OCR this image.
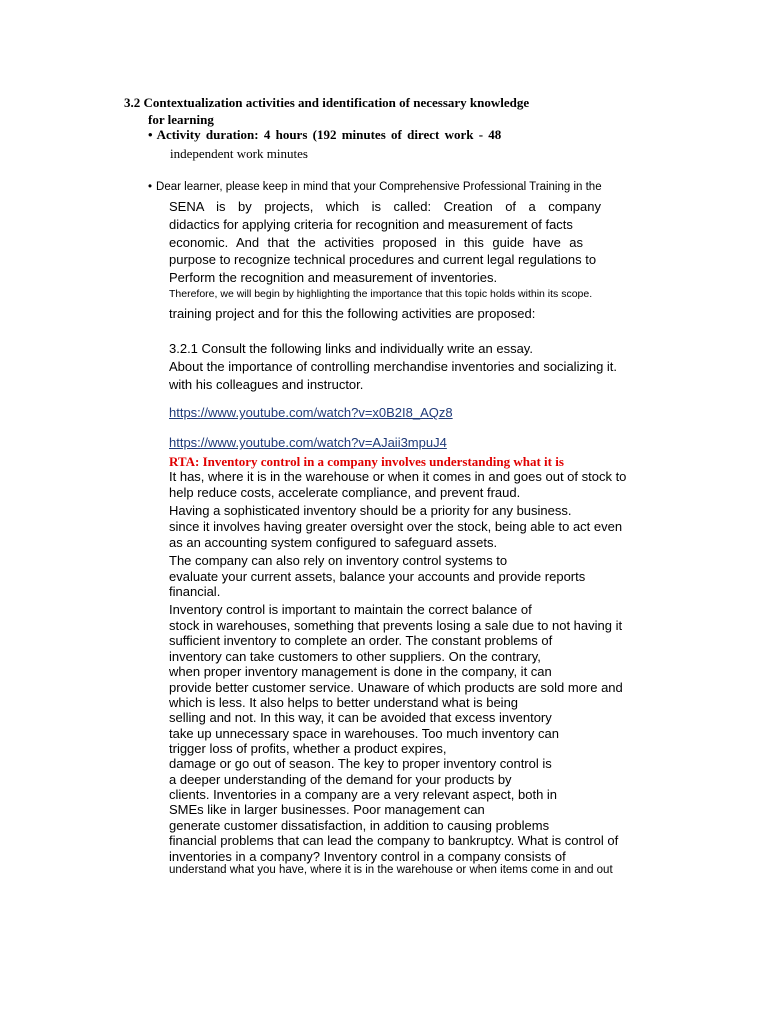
3.2 Contextualization activities and identification of necessary knowledge
for learning
• Activity duration: 4 hours (192 minutes of direct work - 48
independent work minutes
• Dear learner, please keep in mind that your Comprehensive Professional Training in the
SENA is by projects, which is called: Creation of a company
didactics for applying criteria for recognition and measurement of facts
economic. And that the activities proposed in this guide have as
purpose to recognize technical procedures and current legal regulations to
Perform the recognition and measurement of inventories.
Therefore, we will begin by highlighting the importance that this topic holds within its scope.
training project and for this the following activities are proposed:
3.2.1 Consult the following links and individually write an essay.
About the importance of controlling merchandise inventories and socializing it.
with his colleagues and instructor.
https://www.youtube.com/watch?v=x0B2I8_AQz8
https://www.youtube.com/watch?v=AJaii3mpuJ4
RTA: Inventory control in a company involves understanding what it is
It has, where it is in the warehouse or when it comes in and goes out of stock to
help reduce costs, accelerate compliance, and prevent fraud.
Having a sophisticated inventory should be a priority for any business.
since it involves having greater oversight over the stock, being able to act even
as an accounting system configured to safeguard assets.
The company can also rely on inventory control systems to
evaluate your current assets, balance your accounts and provide reports
financial.
Inventory control is important to maintain the correct balance of
stock in warehouses, something that prevents losing a sale due to not having it
sufficient inventory to complete an order. The constant problems of
inventory can take customers to other suppliers. On the contrary,
when proper inventory management is done in the company, it can
provide better customer service. Unaware of which products are sold more and
which is less. It also helps to better understand what is being
selling and not. In this way, it can be avoided that excess inventory
take up unnecessary space in warehouses. Too much inventory can
trigger loss of profits, whether a product expires,
damage or go out of season. The key to proper inventory control is
a deeper understanding of the demand for your products by
clients. Inventories in a company are a very relevant aspect, both in
SMEs like in larger businesses. Poor management can
generate customer dissatisfaction, in addition to causing problems
financial problems that can lead the company to bankruptcy. What is control of
inventories in a company? Inventory control in a company consists of
understand what you have, where it is in the warehouse or when items come in and out
